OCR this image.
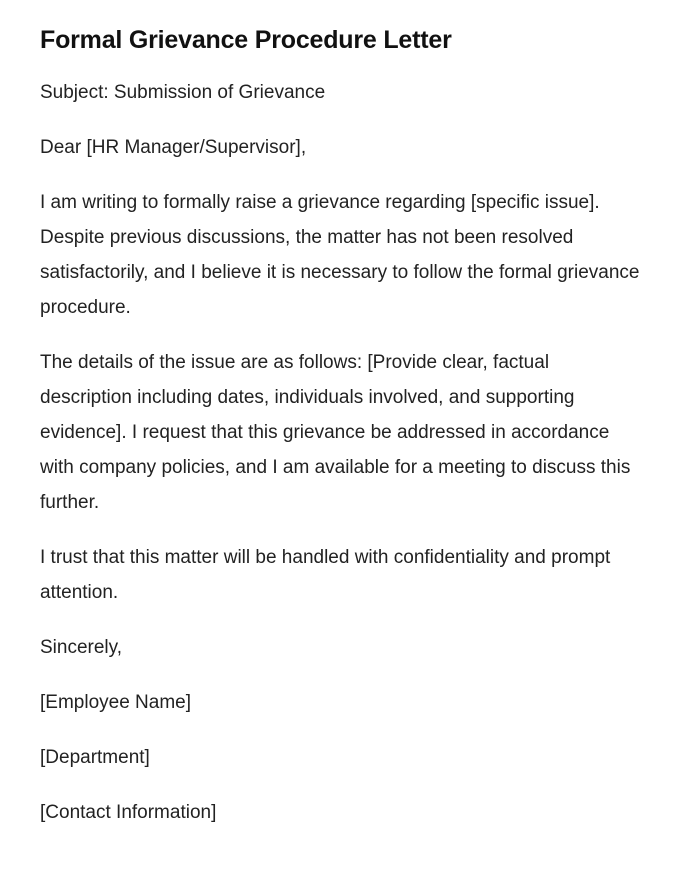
Formal Grievance Procedure Letter

Subject: Submission of Grievance

Dear [HR Manager/Supervisor],

I am writing to formally raise a grievance regarding [specific issue]. Despite previous discussions, the matter has not been resolved satisfactorily, and I believe it is necessary to follow the formal grievance procedure.

The details of the issue are as follows: [Provide clear, factual description including dates, individuals involved, and supporting evidence]. I request that this grievance be addressed in accordance with company policies, and I am available for a meeting to discuss this further.

I trust that this matter will be handled with confidentiality and prompt attention.

Sincerely,

[Employee Name]

[Department]

[Contact Information]
